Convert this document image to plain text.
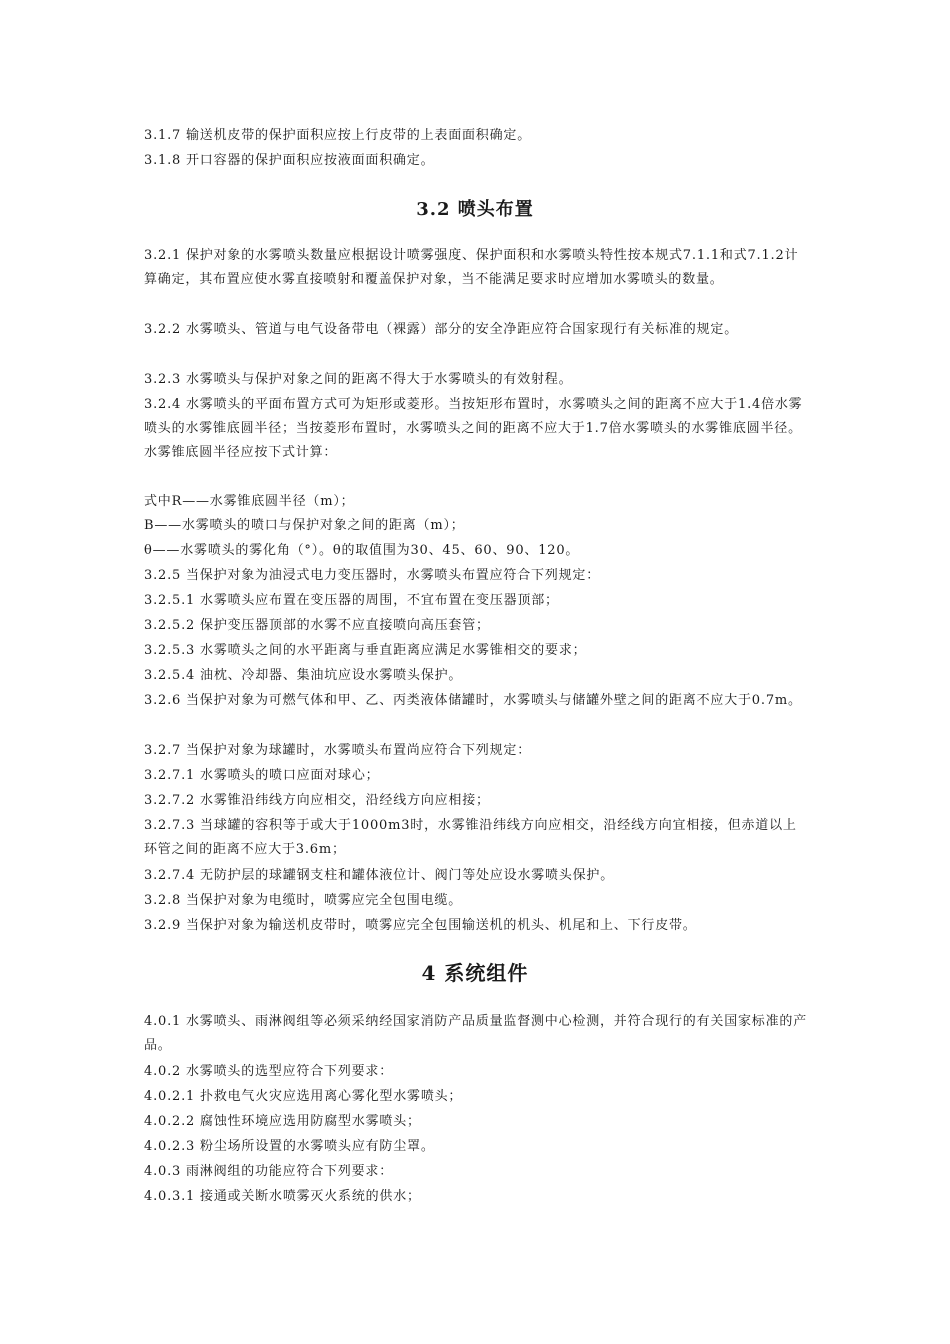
3.1.7 输送机皮带的保护面积应按上行皮带的上表面面积确定。

3.1.8 开口容器的保护面积应按液面面积确定。

3.2 喷头布置

3.2.1 保护对象的水雾喷头数量应根据设计喷雾强度、保护面积和水雾喷头特性按本规式7.1.1和式7.1.2计算确定，其布置应使水雾直接喷射和覆盖保护对象，当不能满足要求时应增加水雾喷头的数量。

3.2.2 水雾喷头、管道与电气设备带电（裸露）部分的安全净距应符合国家现行有关标准的规定。

3.2.3 水雾喷头与保护对象之间的距离不得大于水雾喷头的有效射程。

3.2.4 水雾喷头的平面布置方式可为矩形或菱形。当按矩形布置时，水雾喷头之间的距离不应大于1.4倍水雾喷头的水雾锥底圆半径；当按菱形布置时，水雾喷头之间的距离不应大于1.7倍水雾喷头的水雾锥底圆半径。水雾锥底圆半径应按下式计算：

式中R——水雾锥底圆半径（m）；

B——水雾喷头的喷口与保护对象之间的距离（m）；

θ——水雾喷头的雾化角（°）。θ的取值围为30、45、60、90、120。

3.2.5 当保护对象为油浸式电力变压器时，水雾喷头布置应符合下列规定：

3.2.5.1 水雾喷头应布置在变压器的周围，不宜布置在变压器顶部；

3.2.5.2 保护变压器顶部的水雾不应直接喷向高压套管；

3.2.5.3 水雾喷头之间的水平距离与垂直距离应满足水雾锥相交的要求；

3.2.5.4 油枕、冷却器、集油坑应设水雾喷头保护。

3.2.6 当保护对象为可燃气体和甲、乙、丙类液体储罐时，水雾喷头与储罐外壁之间的距离不应大于0.7m。

3.2.7 当保护对象为球罐时，水雾喷头布置尚应符合下列规定：

3.2.7.1 水雾喷头的喷口应面对球心；

3.2.7.2 水雾锥沿纬线方向应相交，沿经线方向应相接；

3.2.7.3 当球罐的容积等于或大于1000m3时，水雾锥沿纬线方向应相交，沿经线方向宜相接，但赤道以上环管之间的距离不应大于3.6m；

3.2.7.4 无防护层的球罐钢支柱和罐体液位计、阀门等处应设水雾喷头保护。

3.2.8 当保护对象为电缆时，喷雾应完全包围电缆。

3.2.9 当保护对象为输送机皮带时，喷雾应完全包围输送机的机头、机尾和上、下行皮带。

4 系统组件

4.0.1 水雾喷头、雨淋阀组等必须采纳经国家消防产品质量监督测中心检测，并符合现行的有关国家标准的产品。

4.0.2 水雾喷头的选型应符合下列要求：

4.0.2.1 扑救电气火灾应选用离心雾化型水雾喷头；

4.0.2.2 腐蚀性环境应选用防腐型水雾喷头；

4.0.2.3 粉尘场所设置的水雾喷头应有防尘罩。

4.0.3 雨淋阀组的功能应符合下列要求：

4.0.3.1 接通或关断水喷雾灭火系统的供水；
